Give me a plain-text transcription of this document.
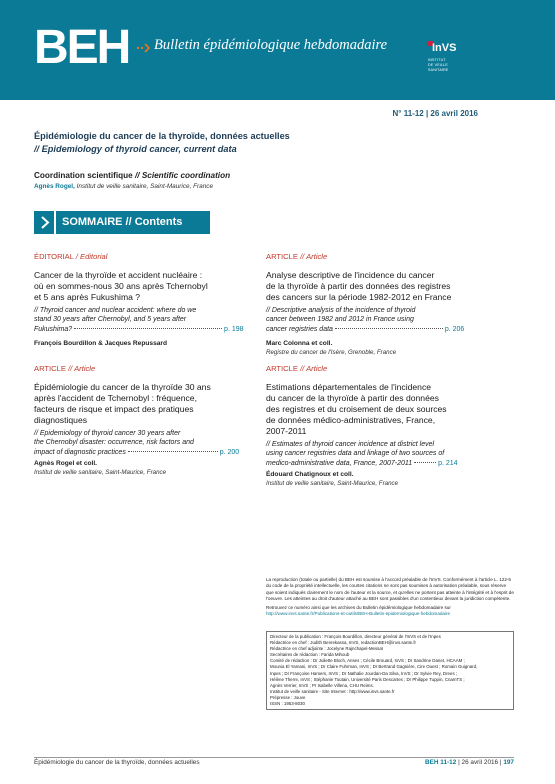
BEH Bulletin épidémiologique hebdomadaire	InVS
INSTITUT
DE VEILLE SANITAIRE
N° 11-12 | 26 avril 2016
Épidémiologie du cancer de la thyroïde, données actuelles
// Epidemiology of thyroid cancer, current data
Coordination scientifique // Scientific coordination
Agnès Rogel, Institut de veille sanitaire, Saint-Maurice, France
SOMMAIRE // Contents
ÉDITORIAL / Editorial
Cancer de la thyroïde et accident nucléaire :
où en sommes-nous 30 ans après Tchernobyl
et 5 ans après Fukushima ?
// Thyroid cancer and nuclear accident: where do we
stand 30 years after Chernobyl, and 5 years after
Fukushima?	p. 198
François Bourdillon & Jacques Repussard
ARTICLE // Article
Analyse descriptive de l'incidence du cancer
de la thyroïde à partir des données des registres
des cancers sur la période 1982-2012 en France
// Descriptive analysis of the incidence of thyroid
cancer between 1982 and 2012 in France using
cancer registries data	p. 206
Marc Colonna et coll.
Registre du cancer de l'Isère, Grenoble, France
ARTICLE // Article
Épidémiologie du cancer de la thyroïde 30 ans
après l'accident de Tchernobyl : fréquence,
facteurs de risque et impact des pratiques
diagnostiques
// Epidemiology of thyroid cancer 30 years after
the Chernobyl disaster: occurrence, risk factors and
impact of diagnostic practices	p. 200
Agnès Rogel et coll.
Institut de veille sanitaire, Saint-Maurice, France
ARTICLE // Article
Estimations départementales de l'incidence
du cancer de la thyroïde à partir des données
des registres et du croisement de deux sources
de données médico-administratives, France,
2007-2011
// Estimates of thyroid cancer incidence at district level
using cancer registries data and linkage of two sources of
medico-administrative data, France, 2007-2011	p. 214
Édouard Chatignoux et coll.
Institut de veille sanitaire, Saint-Maurice, France
La reproduction (totale ou partielle) du BEH est soumise à l'accord préalable de l'InVS. Conformément à l'article L. 122-5 du code de la propriété intellectuelle, les courtes citations ne sont pas soumises à autorisation préalable, sous réserve que soient indiqués clairement le nom de l'auteur et la source, et qu'elles ne portent pas atteinte à l'intégrité et à l'esprit de l'oeuvre. Les atteintes au droit d'auteur attaché au BEH sont passibles d'un contentieux devant la juridiction compétente.
Retrouvez ce numéro ainsi que les archives du Bulletin épidémiologique hebdomadaire sur http://www.invs.sante.fr/Publications-et-outils/BEH-Bulletin-epidemiologique-hebdomadaire
Directeur de la publication : François Bourdillon, directeur général de l'InVS et de l'Inpes
Rédactrice en chef : Judith Benrekassa, InVS, redactionBEH@invs.sante.fr
Rédactrice en chef adjointe : Jocelyne Rajnchapel-Messaï
Secrétaires de rédaction : Farida Mihoub
Comité de rédaction : Dr Juliette Bloch, Anses ; Cécile Brouard, InVS ; Dr Sandrine Danet, HCAAM ;
Mounia El Yamani, InVS ; Dr Claire Fuhrman, InVS ; Dr Bertrand Gagnière, Cire Ouest ; Romain Guignard,
Inpes ; Dr Françoise Hamers, InVS ; Dr Nathalie Jourdan-Da Silva, InVS ; Dr Sylvie Rey, Drees ;
Hélène Therre, InVS ; Stéphanie Toutain, Université Paris Descartes ; Dr Philippe Tuppin, CnamTS ;
Agnès Verrier, InVS ; Pr Isabelle Villena, CHU Reims.
Institut de veille sanitaire - Site Internet : http://www.invs.sante.fr
Prépresse : Jouve
ISSN : 1953-8030
Épidémiologie du cancer de la thyroïde, données actuelles	BEH 11-12 | 26 avril 2016 | 197
